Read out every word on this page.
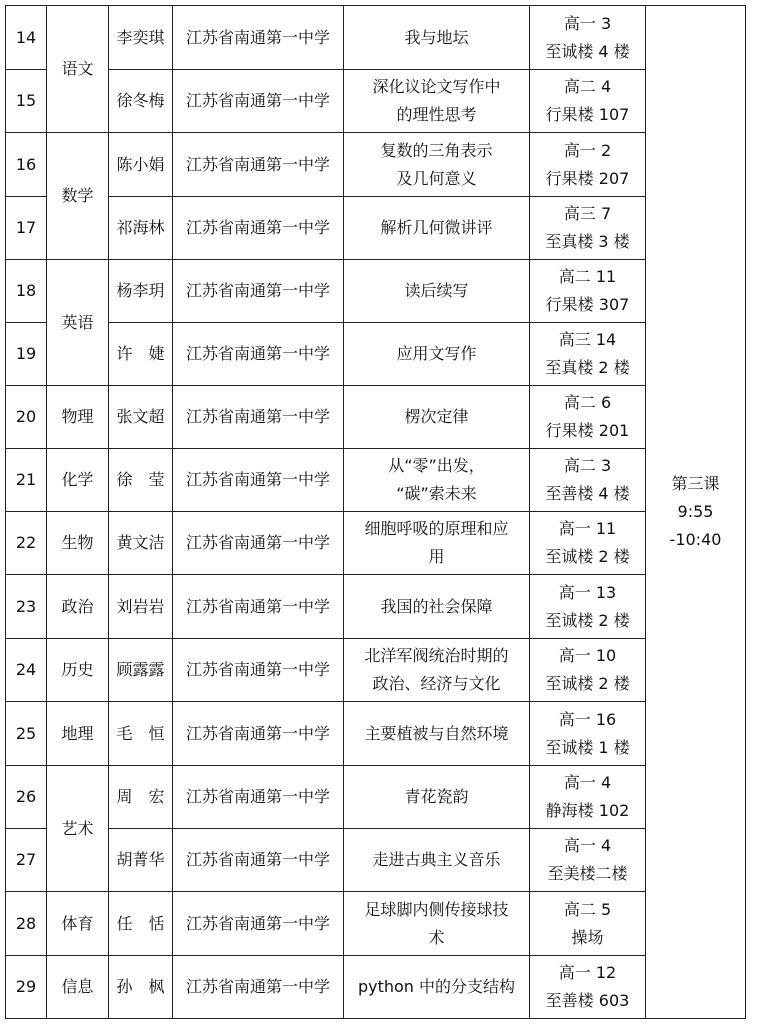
14	语文	李奕琪	江苏省南通第一中学	我与地坛	高一 3
至诚楼 4 楼	第三课
9:55
-10:40

15		徐冬梅	江苏省南通第一中学	深化议论文写作中
的理性思考	高二 4
行果楼 107	

16	数学	陈小娟	江苏省南通第一中学	复数的三角表示
及几何意义	高一 2
行果楼 207	

17		祁海林	江苏省南通第一中学	解析几何微讲评	高三 7
至真楼 3 楼	

18	英语	杨李玥	江苏省南通第一中学	读后续写	高二 11
行果楼 307	

19		许　婕	江苏省南通第一中学	应用文写作	高三 14
至真楼 2 楼	

20	物理	张文超	江苏省南通第一中学	楞次定律	高二 6
行果楼 201	

21	化学	徐　莹	江苏省南通第一中学	从“零”出发，
“碳”索未来	高二 3
至善楼 4 楼	

22	生物	黄文洁	江苏省南通第一中学	细胞呼吸的原理和应
用	高一 11
至诚楼 2 楼	

23	政治	刘岩岩	江苏省南通第一中学	我国的社会保障	高一 13
至诚楼 2 楼	

24	历史	顾露露	江苏省南通第一中学	北洋军阀统治时期的
政治、经济与文化	高一 10
至诚楼 2 楼	

25	地理	毛　恒	江苏省南通第一中学	主要植被与自然环境	高一 16
至诚楼 1 楼	

26	艺术	周　宏	江苏省南通第一中学	青花瓷韵	高一 4
静海楼 102	

27		胡菁华	江苏省南通第一中学	走进古典主义音乐	高一 4
至美楼二楼	

28	体育	任　恬	江苏省南通第一中学	足球脚内侧传接球技
术	高二 5
操场	

29	信息	孙　枫	江苏省南通第一中学	python 中的分支结构	高一 12
至善楼 603	
